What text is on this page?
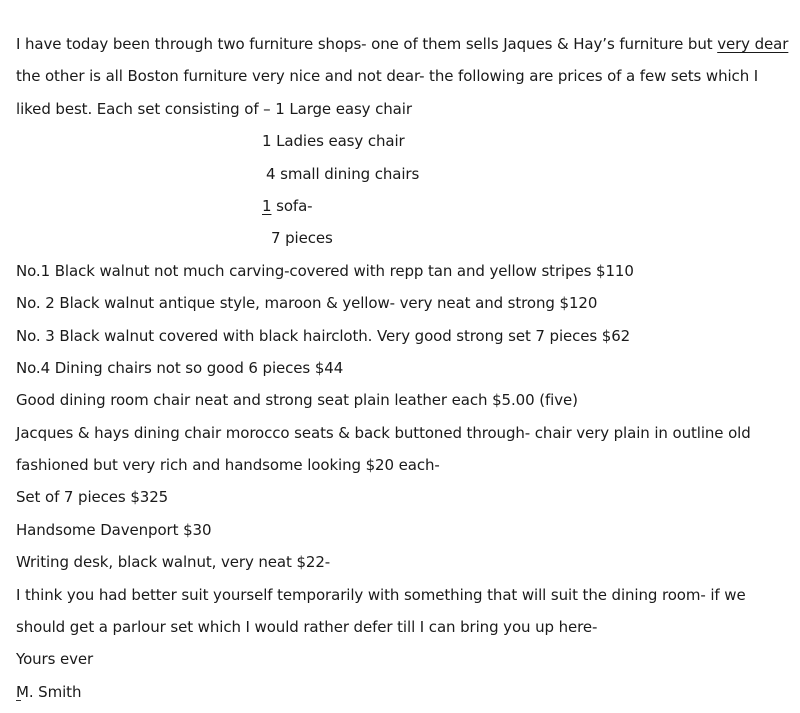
I have today been through two furniture shops- one of them sells Jaques & Hay’s furniture but very dear
the other is all Boston furniture very nice and not dear- the following are prices of a few sets which I
liked best. Each set consisting of – 1 Large easy chair
1 Ladies easy chair
4 small dining chairs
1 sofa-
7 pieces
No.1 Black walnut not much carving-covered with repp tan and yellow stripes $110
No. 2 Black walnut antique style, maroon & yellow- very neat and strong $120
No. 3 Black walnut covered with black haircloth. Very good strong set 7 pieces $62
No.4 Dining chairs not so good 6 pieces $44
Good dining room chair neat and strong seat plain leather each $5.00 (five)
Jacques & hays dining chair morocco seats & back buttoned through- chair very plain in outline old
fashioned but very rich and handsome looking $20 each-
Set of 7 pieces $325
Handsome Davenport $30
Writing desk, black walnut, very neat $22-
I think you had better suit yourself temporarily with something that will suit the dining room- if we
should get a parlour set which I would rather defer till I can bring you up here-
Yours ever
M. Smith
